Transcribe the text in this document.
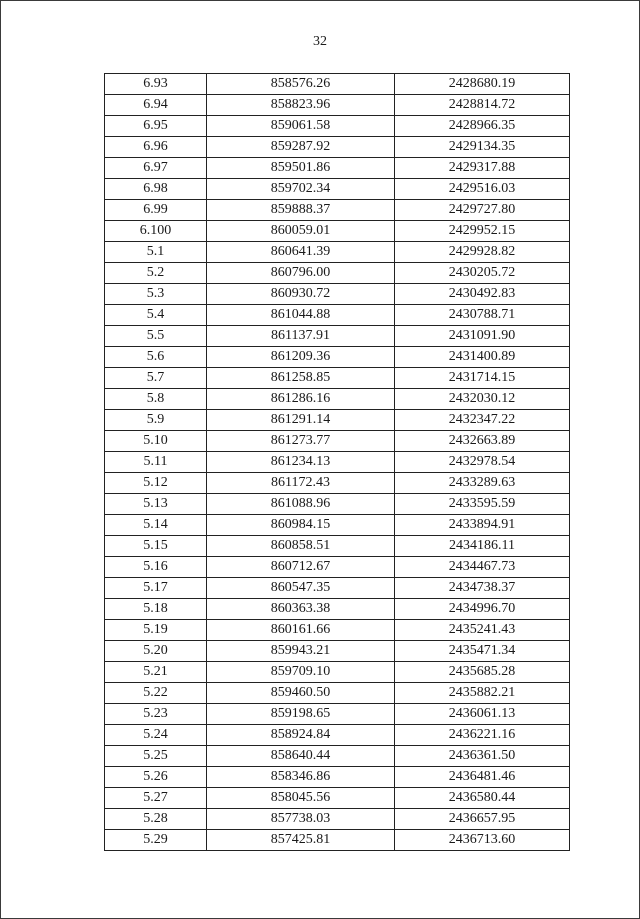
32
6.93	858576.26	2428680.19
6.94	858823.96	2428814.72
6.95	859061.58	2428966.35
6.96	859287.92	2429134.35
6.97	859501.86	2429317.88
6.98	859702.34	2429516.03
6.99	859888.37	2429727.80
6.100	860059.01	2429952.15
5.1	860641.39	2429928.82
5.2	860796.00	2430205.72
5.3	860930.72	2430492.83
5.4	861044.88	2430788.71
5.5	861137.91	2431091.90
5.6	861209.36	2431400.89
5.7	861258.85	2431714.15
5.8	861286.16	2432030.12
5.9	861291.14	2432347.22
5.10	861273.77	2432663.89
5.11	861234.13	2432978.54
5.12	861172.43	2433289.63
5.13	861088.96	2433595.59
5.14	860984.15	2433894.91
5.15	860858.51	2434186.11
5.16	860712.67	2434467.73
5.17	860547.35	2434738.37
5.18	860363.38	2434996.70
5.19	860161.66	2435241.43
5.20	859943.21	2435471.34
5.21	859709.10	2435685.28
5.22	859460.50	2435882.21
5.23	859198.65	2436061.13
5.24	858924.84	2436221.16
5.25	858640.44	2436361.50
5.26	858346.86	2436481.46
5.27	858045.56	2436580.44
5.28	857738.03	2436657.95
5.29	857425.81	2436713.60
